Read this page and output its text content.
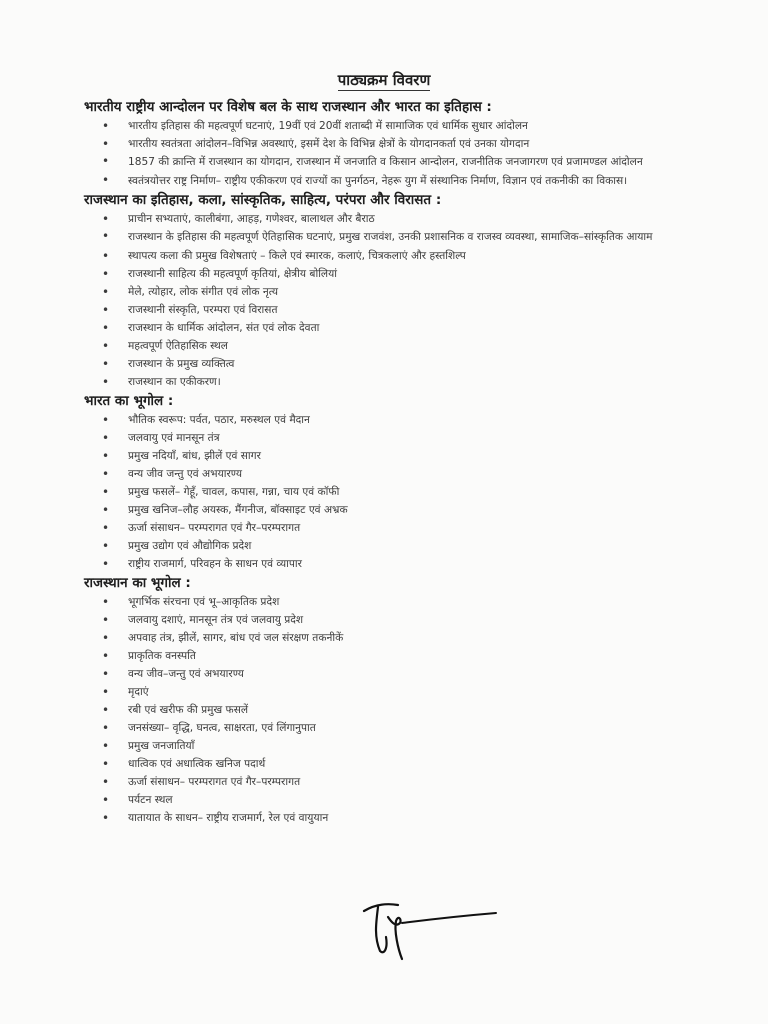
पाठ्यक्रम विवरण

भारतीय राष्ट्रीय आन्दोलन पर विशेष बल के साथ राजस्थान और भारत का इतिहास :

• भारतीय इतिहास की महत्वपूर्ण घटनाएं, 19वीं एवं 20वीं शताब्दी में सामाजिक एवं धार्मिक सुधार आंदोलन
• भारतीय स्वतंत्रता आंदोलन–विभिन्न अवस्थाएं, इसमें देश के विभिन्न क्षेत्रों के योगदानकर्ता एवं उनका योगदान
• 1857 की क्रान्ति में राजस्थान का योगदान, राजस्थान में जनजाति व किसान आन्दोलन, राजनीतिक जनजागरण एवं प्रजामण्डल आंदोलन
• स्वतंत्रयोत्तर राष्ट्र निर्माण– राष्ट्रीय एकीकरण एवं राज्यों का पुनर्गठन, नेहरू युग में संस्थानिक निर्माण, विज्ञान एवं तकनीकी का विकास।

राजस्थान का इतिहास, कला, सांस्कृतिक, साहित्य, परंपरा और विरासत :

• प्राचीन सभ्यताएं, कालीबंगा, आहड़, गणेश्वर, बालाथल और बैराठ
• राजस्थान के इतिहास की महत्वपूर्ण ऐतिहासिक घटनाएं, प्रमुख राजवंश, उनकी प्रशासनिक व राजस्व व्यवस्था, सामाजिक–सांस्कृतिक आयाम
• स्थापत्य कला की प्रमुख विशेषताएं – किले एवं स्मारक, कलाएं, चित्रकलाएं और हस्तशिल्प
• राजस्थानी साहित्य की महत्वपूर्ण कृतियां, क्षेत्रीय बोलियां
• मेले, त्योहार, लोक संगीत एवं लोक नृत्य
• राजस्थानी संस्कृति, परम्परा एवं विरासत
• राजस्थान के धार्मिक आंदोलन, संत एवं लोक देवता
• महत्वपूर्ण ऐतिहासिक स्थल
• राजस्थान के प्रमुख व्यक्तित्व
• राजस्थान का एकीकरण।

भारत का भूगोल :

• भौतिक स्वरूप: पर्वत, पठार, मरुस्थल एवं मैदान
• जलवायु एवं मानसून तंत्र
• प्रमुख नदियाँ, बांध, झीलें एवं सागर
• वन्य जीव जन्तु एवं अभयारण्य
• प्रमुख फसलें– गेहूँ, चावल, कपास, गन्ना, चाय एवं कॉफी
• प्रमुख खनिज–लौह अयस्क, मैंगनीज, बॉक्साइट एवं अभ्रक
• ऊर्जा संसाधन– परम्परागत एवं गैर–परम्परागत
• प्रमुख उद्योग एवं औद्योगिक प्रदेश
• राष्ट्रीय राजमार्ग, परिवहन के साधन एवं व्यापार

राजस्थान का भूगोल :

• भूगर्भिक संरचना एवं भू–आकृतिक प्रदेश
• जलवायु दशाएं, मानसून तंत्र एवं जलवायु प्रदेश
• अपवाह तंत्र, झीलें, सागर, बांध एवं जल संरक्षण तकनीकें
• प्राकृतिक वनस्पति
• वन्य जीव–जन्तु एवं अभयारण्य
• मृदाएं
• रबी एवं खरीफ की प्रमुख फसलें
• जनसंख्या– वृद्धि, घनत्व, साक्षरता, एवं लिंगानुपात
• प्रमुख जनजातियाँ
• धात्विक एवं अधात्विक खनिज पदार्थ
• ऊर्जा संसाधन– परम्परागत एवं गैर–परम्परागत
• पर्यटन स्थल
• यातायात के साधन– राष्ट्रीय राजमार्ग, रेल एवं वायुयान
